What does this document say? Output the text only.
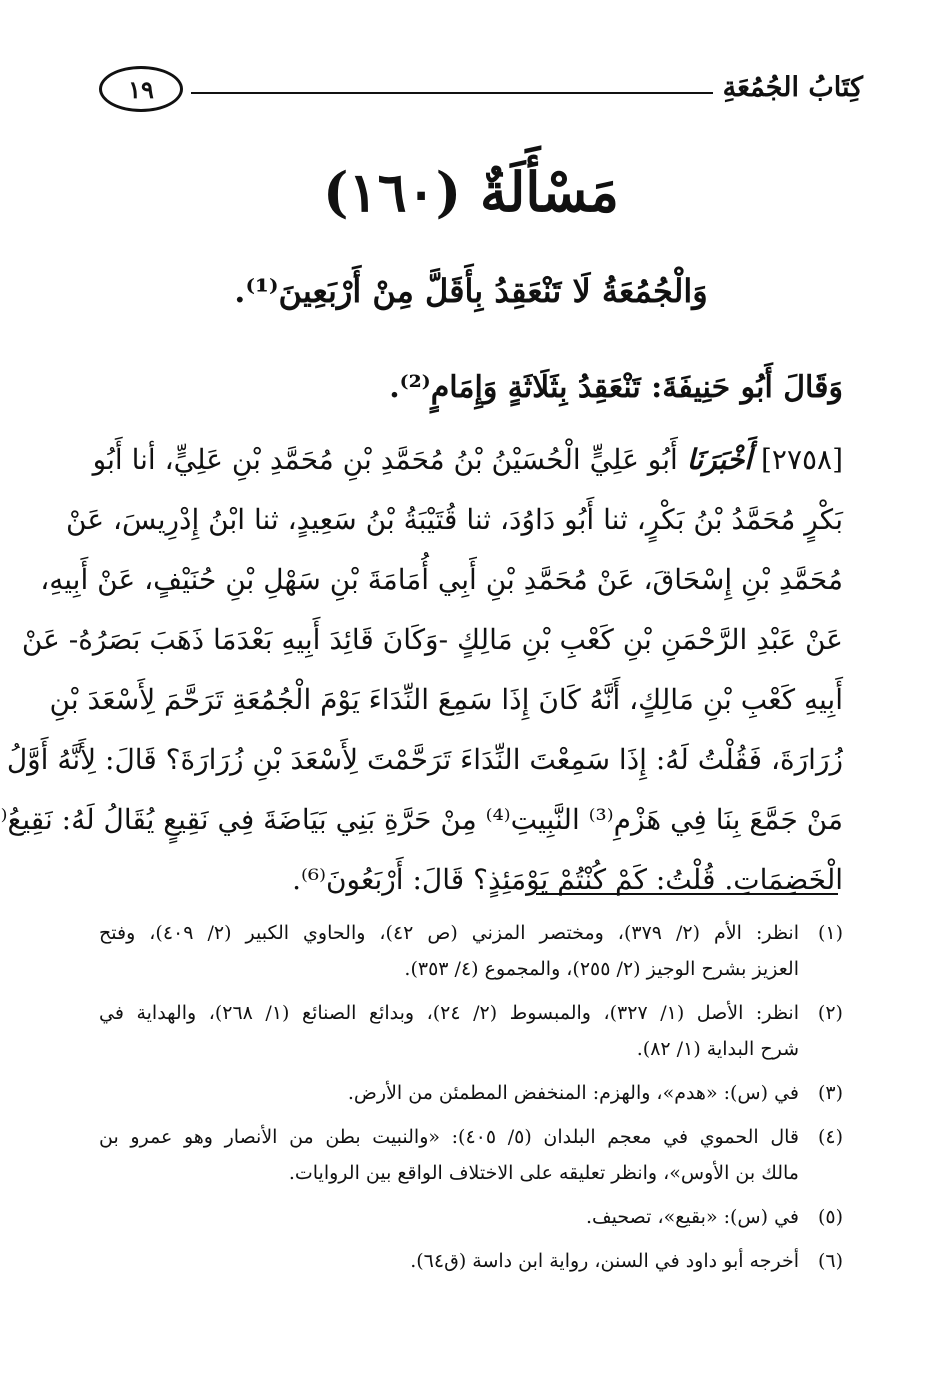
كِتَابُ الجُمُعَةِ
١٩
مَسْأَلَةٌ (١٦٠)
وَالْجُمُعَةُ لَا تَنْعَقِدُ بِأَقَلَّ مِنْ أَرْبَعِينَ⁽¹⁾.
وَقَالَ أَبُو حَنِيفَةَ: تَنْعَقِدُ بِثَلَاثَةٍ وَإِمَامٍ⁽²⁾.
[٢٧٥٨] أَخْبَرَنَا أَبُو عَلِيٍّ الْحُسَيْنُ بْنُ مُحَمَّدِ بْنِ مُحَمَّدِ بْنِ عَلِيٍّ، أنا أَبُو
بَكْرٍ مُحَمَّدُ بْنُ بَكْرٍ، ثنا أَبُو دَاوُدَ، ثنا قُتَيْبَةُ بْنُ سَعِيدٍ، ثنا ابْنُ إِدْرِيسَ، عَنْ
مُحَمَّدِ بْنِ إِسْحَاقَ، عَنْ مُحَمَّدِ بْنِ أَبِي أُمَامَةَ بْنِ سَهْلِ بْنِ حُنَيْفٍ، عَنْ أَبِيهِ،
عَنْ عَبْدِ الرَّحْمَنِ بْنِ كَعْبِ بْنِ مَالِكٍ -وَكَانَ قَائِدَ أَبِيهِ بَعْدَمَا ذَهَبَ بَصَرُهُ- عَنْ
أَبِيهِ كَعْبِ بْنِ مَالِكٍ، أَنَّهُ كَانَ إِذَا سَمِعَ النِّدَاءَ يَوْمَ الْجُمُعَةِ تَرَحَّمَ لِأَسْعَدَ بْنِ
زُرَارَةَ، فَقُلْتُ لَهُ: إِذَا سَمِعْتَ النِّدَاءَ تَرَحَّمْتَ لِأَسْعَدَ بْنِ زُرَارَةَ؟ قَالَ: لِأَنَّهُ أَوَّلُ
مَنْ جَمَّعَ بِنَا فِي هَزْمِ⁽³⁾ النَّبِيتِ⁽⁴⁾ مِنْ حَرَّةِ بَنِي بَيَاضَةَ فِي نَقِيعٍ يُقَالُ لَهُ: نَقِيعُ⁽
الْخَضِمَاتِ. قُلْتُ: كَمْ كُنْتُمْ يَوْمَئِذٍ؟ قَالَ: أَرْبَعُونَ⁽⁶⁾.
(١)انظر: الأم (٢/ ٣٧٩)، ومختصر المزني (ص ٤٢)، والحاوي الكبير (٢/ ٤٠٩)، وفتح
العزيز بشرح الوجيز (٢/ ٢٥٥)، والمجموع (٤/ ٣٥٣).
(٢)انظر: الأصل (١/ ٣٢٧)، والمبسوط (٢/ ٢٤)، وبدائع الصنائع (١/ ٢٦٨)، والهداية في
شرح البداية (١/ ٨٢).
(٣)في (س): «هدم»، والهزم: المنخفض المطمئن من الأرض.
(٤)قال الحموي في معجم البلدان (٥/ ٤٠٥): «والنبيت بطن من الأنصار وهو عمرو بن
مالك بن الأوس»، وانظر تعليقه على الاختلاف الواقع بين الروايات.
(٥)في (س): «بقيع»، تصحيف.
(٦)أخرجه أبو داود في السنن، رواية ابن داسة (ق٦٤).
